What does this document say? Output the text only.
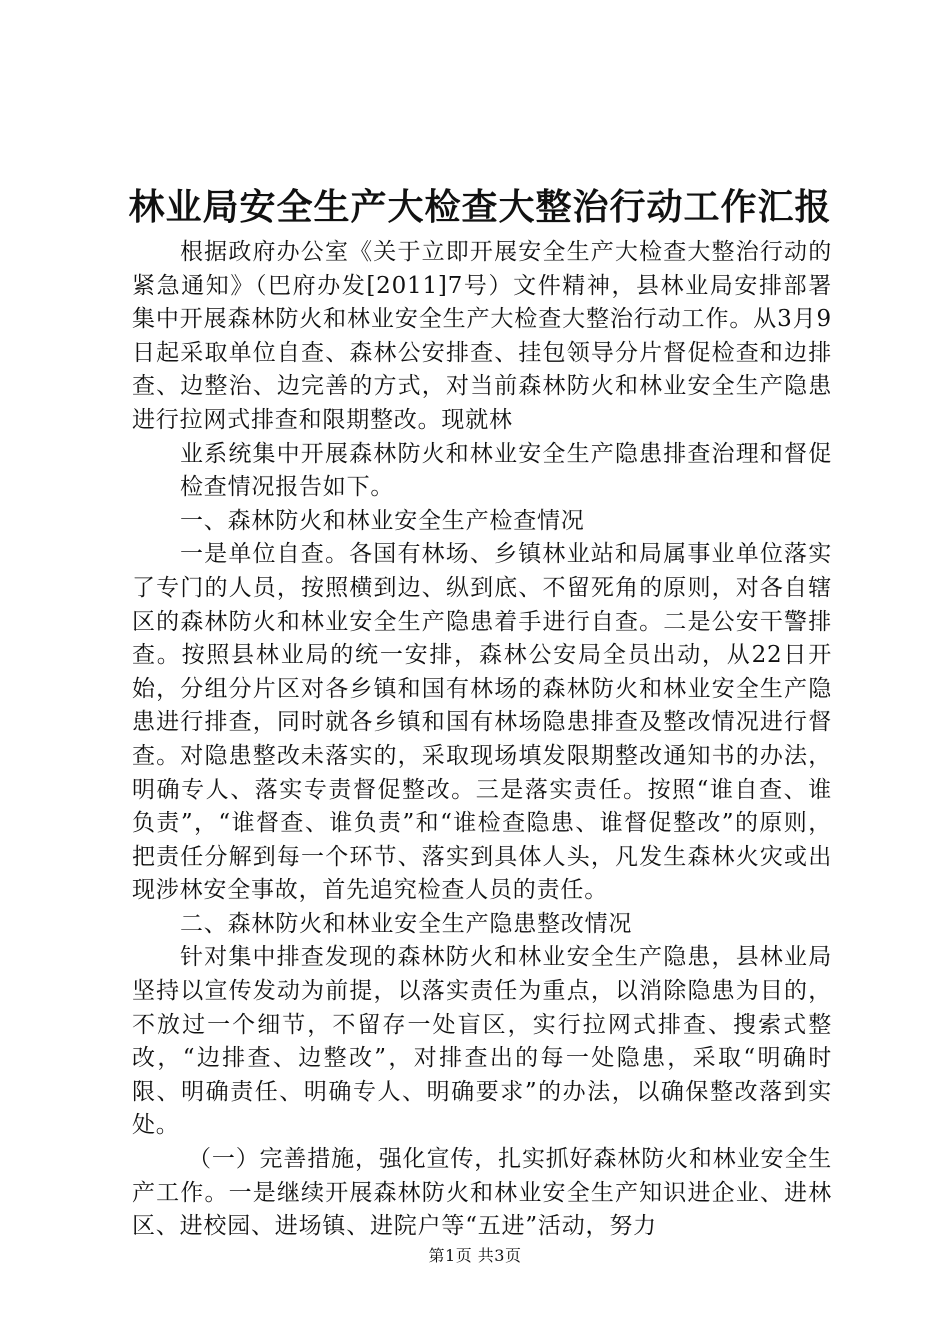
林业局安全生产大检查大整治行动工作汇报

根据政府办公室《关于立即开展安全生产大检查大整治行动的紧急通知》（巴府办发[2011]7号）文件精神，县林业局安排部署集中开展森林防火和林业安全生产大检查大整治行动工作。从3月9日起采取单位自查、森林公安排查、挂包领导分片督促检查和边排查、边整治、边完善的方式，对当前森林防火和林业安全生产隐患进行拉网式排查和限期整改。现就林

业系统集中开展森林防火和林业安全生产隐患排查治理和督促检查情况报告如下。

一、森林防火和林业安全生产检查情况

一是单位自查。各国有林场、乡镇林业站和局属事业单位落实了专门的人员，按照横到边、纵到底、不留死角的原则，对各自辖区的森林防火和林业安全生产隐患着手进行自查。二是公安干警排查。按照县林业局的统一安排，森林公安局全员出动，从22日开始，分组分片区对各乡镇和国有林场的森林防火和林业安全生产隐患进行排查，同时就各乡镇和国有林场隐患排查及整改情况进行督查。对隐患整改未落实的，采取现场填发限期整改通知书的办法，明确专人、落实专责督促整改。三是落实责任。按照“谁自查、谁负责”，“谁督查、谁负责”和“谁检查隐患、谁督促整改”的原则，把责任分解到每一个环节、落实到具体人头，凡发生森林火灾或出现涉林安全事故，首先追究检查人员的责任。

二、森林防火和林业安全生产隐患整改情况

针对集中排查发现的森林防火和林业安全生产隐患，县林业局坚持以宣传发动为前提，以落实责任为重点，以消除隐患为目的，不放过一个细节，不留存一处盲区，实行拉网式排查、搜索式整改，“边排查、边整改”，对排查出的每一处隐患，采取“明确时限、明确责任、明确专人、明确要求”的办法，以确保整改落到实处。

（一）完善措施，强化宣传，扎实抓好森林防火和林业安全生产工作。一是继续开展森林防火和林业安全生产知识进企业、进林区、进校园、进场镇、进院户等“五进”活动，努力

第1页 共3页
